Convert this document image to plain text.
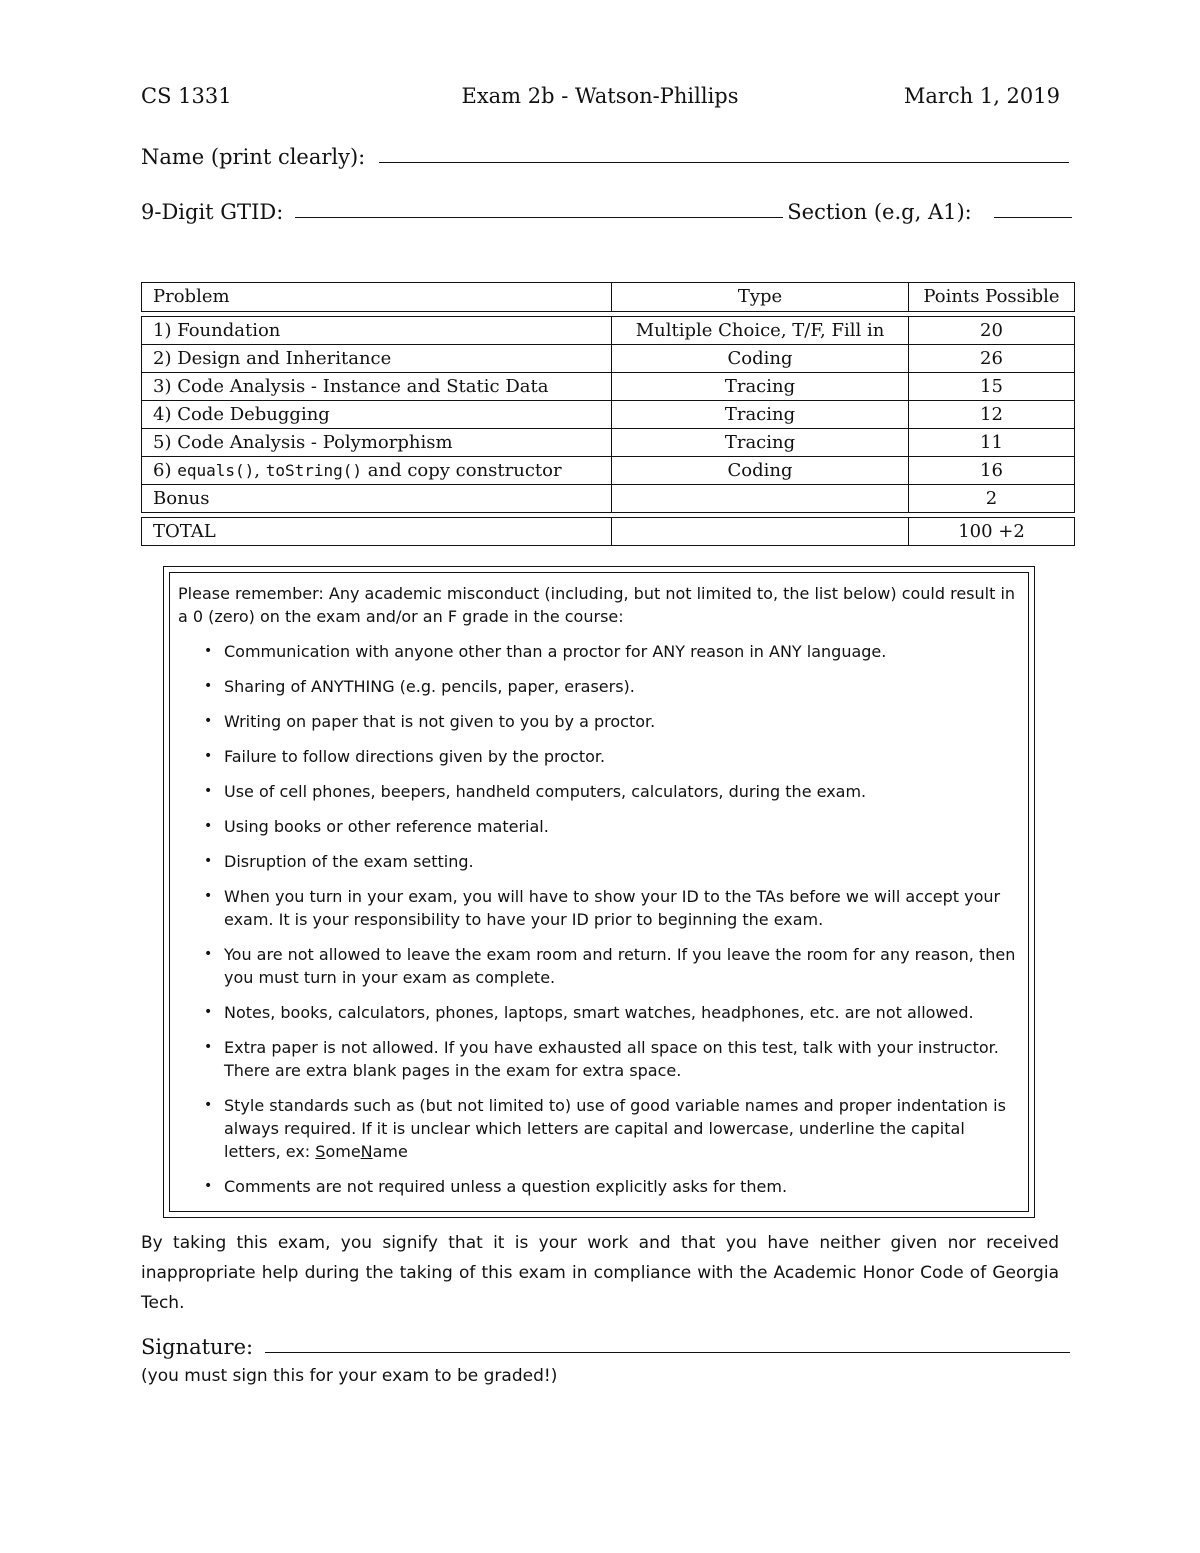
CS 1331	Exam 2b - Watson-Phillips	March 1, 2019
Name (print clearly):
9-Digit GTID:	Section (e.g, A1):
Problem	Type	Points Possible

1) Foundation	Multiple Choice, T/F, Fill in	20
2) Design and Inheritance	Coding	26
3) Code Analysis - Instance and Static Data	Tracing	15
4) Code Debugging	Tracing	12
5) Code Analysis - Polymorphism	Tracing	11
6) equals(), toString() and copy constructor	Coding	16
Bonus		2

TOTAL		100 +2

Please remember: Any academic misconduct (including, but not limited to, the list below) could result in a 0 (zero) on the exam and/or an F grade in the course:

• Communication with anyone other than a proctor for ANY reason in ANY language.
• Sharing of ANYTHING (e.g. pencils, paper, erasers).
• Writing on paper that is not given to you by a proctor.
• Failure to follow directions given by the proctor.
• Use of cell phones, beepers, handheld computers, calculators, during the exam.
• Using books or other reference material.
• Disruption of the exam setting.
• When you turn in your exam, you will have to show your ID to the TAs before we will accept your exam. It is your responsibility to have your ID prior to beginning the exam.
• You are not allowed to leave the exam room and return. If you leave the room for any reason, then you must turn in your exam as complete.
• Notes, books, calculators, phones, laptops, smart watches, headphones, etc. are not allowed.
• Extra paper is not allowed. If you have exhausted all space on this test, talk with your instructor. There are extra blank pages in the exam for extra space.
• Style standards such as (but not limited to) use of good variable names and proper indentation is always required. If it is unclear which letters are capital and lowercase, underline the capital letters, ex: SomeName
• Comments are not required unless a question explicitly asks for them.
By taking this exam, you signify that it is your work and that you have neither given nor received inappropriate help during the taking of this exam in compliance with the Academic Honor Code of Georgia Tech.
Signature:
(you must sign this for your exam to be graded!)
